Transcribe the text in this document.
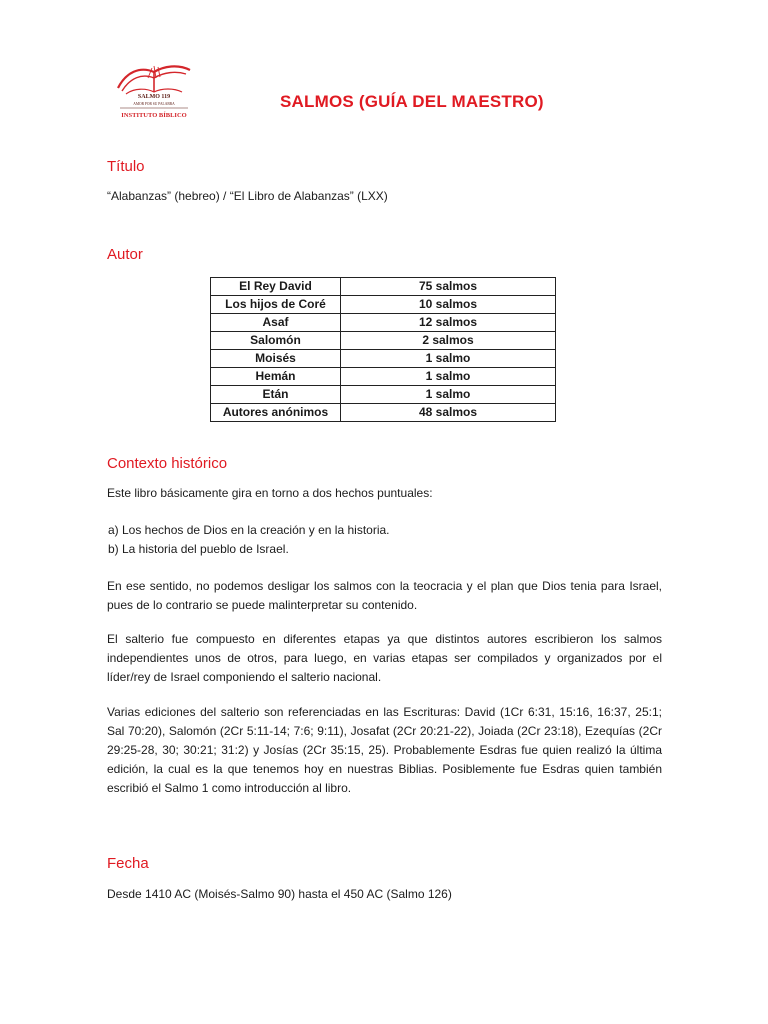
SALMO 119
AMOR POR SU PALABRA
INSTITUTO BÍBLICO
SALMOS (GUÍA DEL MAESTRO)
Título
“Alabanzas” (hebreo) / “El Libro de Alabanzas” (LXX)
Autor
El Rey David	75 salmos
Los hijos de Coré	10 salmos
Asaf	12 salmos
Salomón	2 salmos
Moisés	1 salmo
Hemán	1 salmo
Etán	1 salmo
Autores anónimos	48 salmos
Contexto histórico
Este libro básicamente gira en torno a dos hechos puntuales:
a) Los hechos de Dios en la creación y en la historia.
b) La historia del pueblo de Israel.
En ese sentido, no podemos desligar los salmos con la teocracia y el plan que Dios tenia para Israel, pues de lo contrario se puede malinterpretar su contenido.
El salterio fue compuesto en diferentes etapas ya que distintos autores escribieron los salmos independientes unos de otros, para luego, en varias etapas ser compilados y organizados por el líder/rey de Israel componiendo el salterio nacional.
Varias ediciones del salterio son referenciadas en las Escrituras: David (1Cr 6:31, 15:16, 16:37, 25:1; Sal 70:20), Salomón (2Cr 5:11-14; 7:6; 9:11), Josafat (2Cr 20:21-22), Joiada (2Cr 23:18), Ezequías (2Cr 29:25-28, 30; 30:21; 31:2) y Josías (2Cr 35:15, 25). Probablemente Esdras fue quien realizó la última edición, la cual es la que tenemos hoy en nuestras Biblias. Posiblemente fue Esdras quien también escribió el Salmo 1 como introducción al libro.
Fecha
Desde 1410 AC (Moisés-Salmo 90) hasta el 450 AC (Salmo 126)
